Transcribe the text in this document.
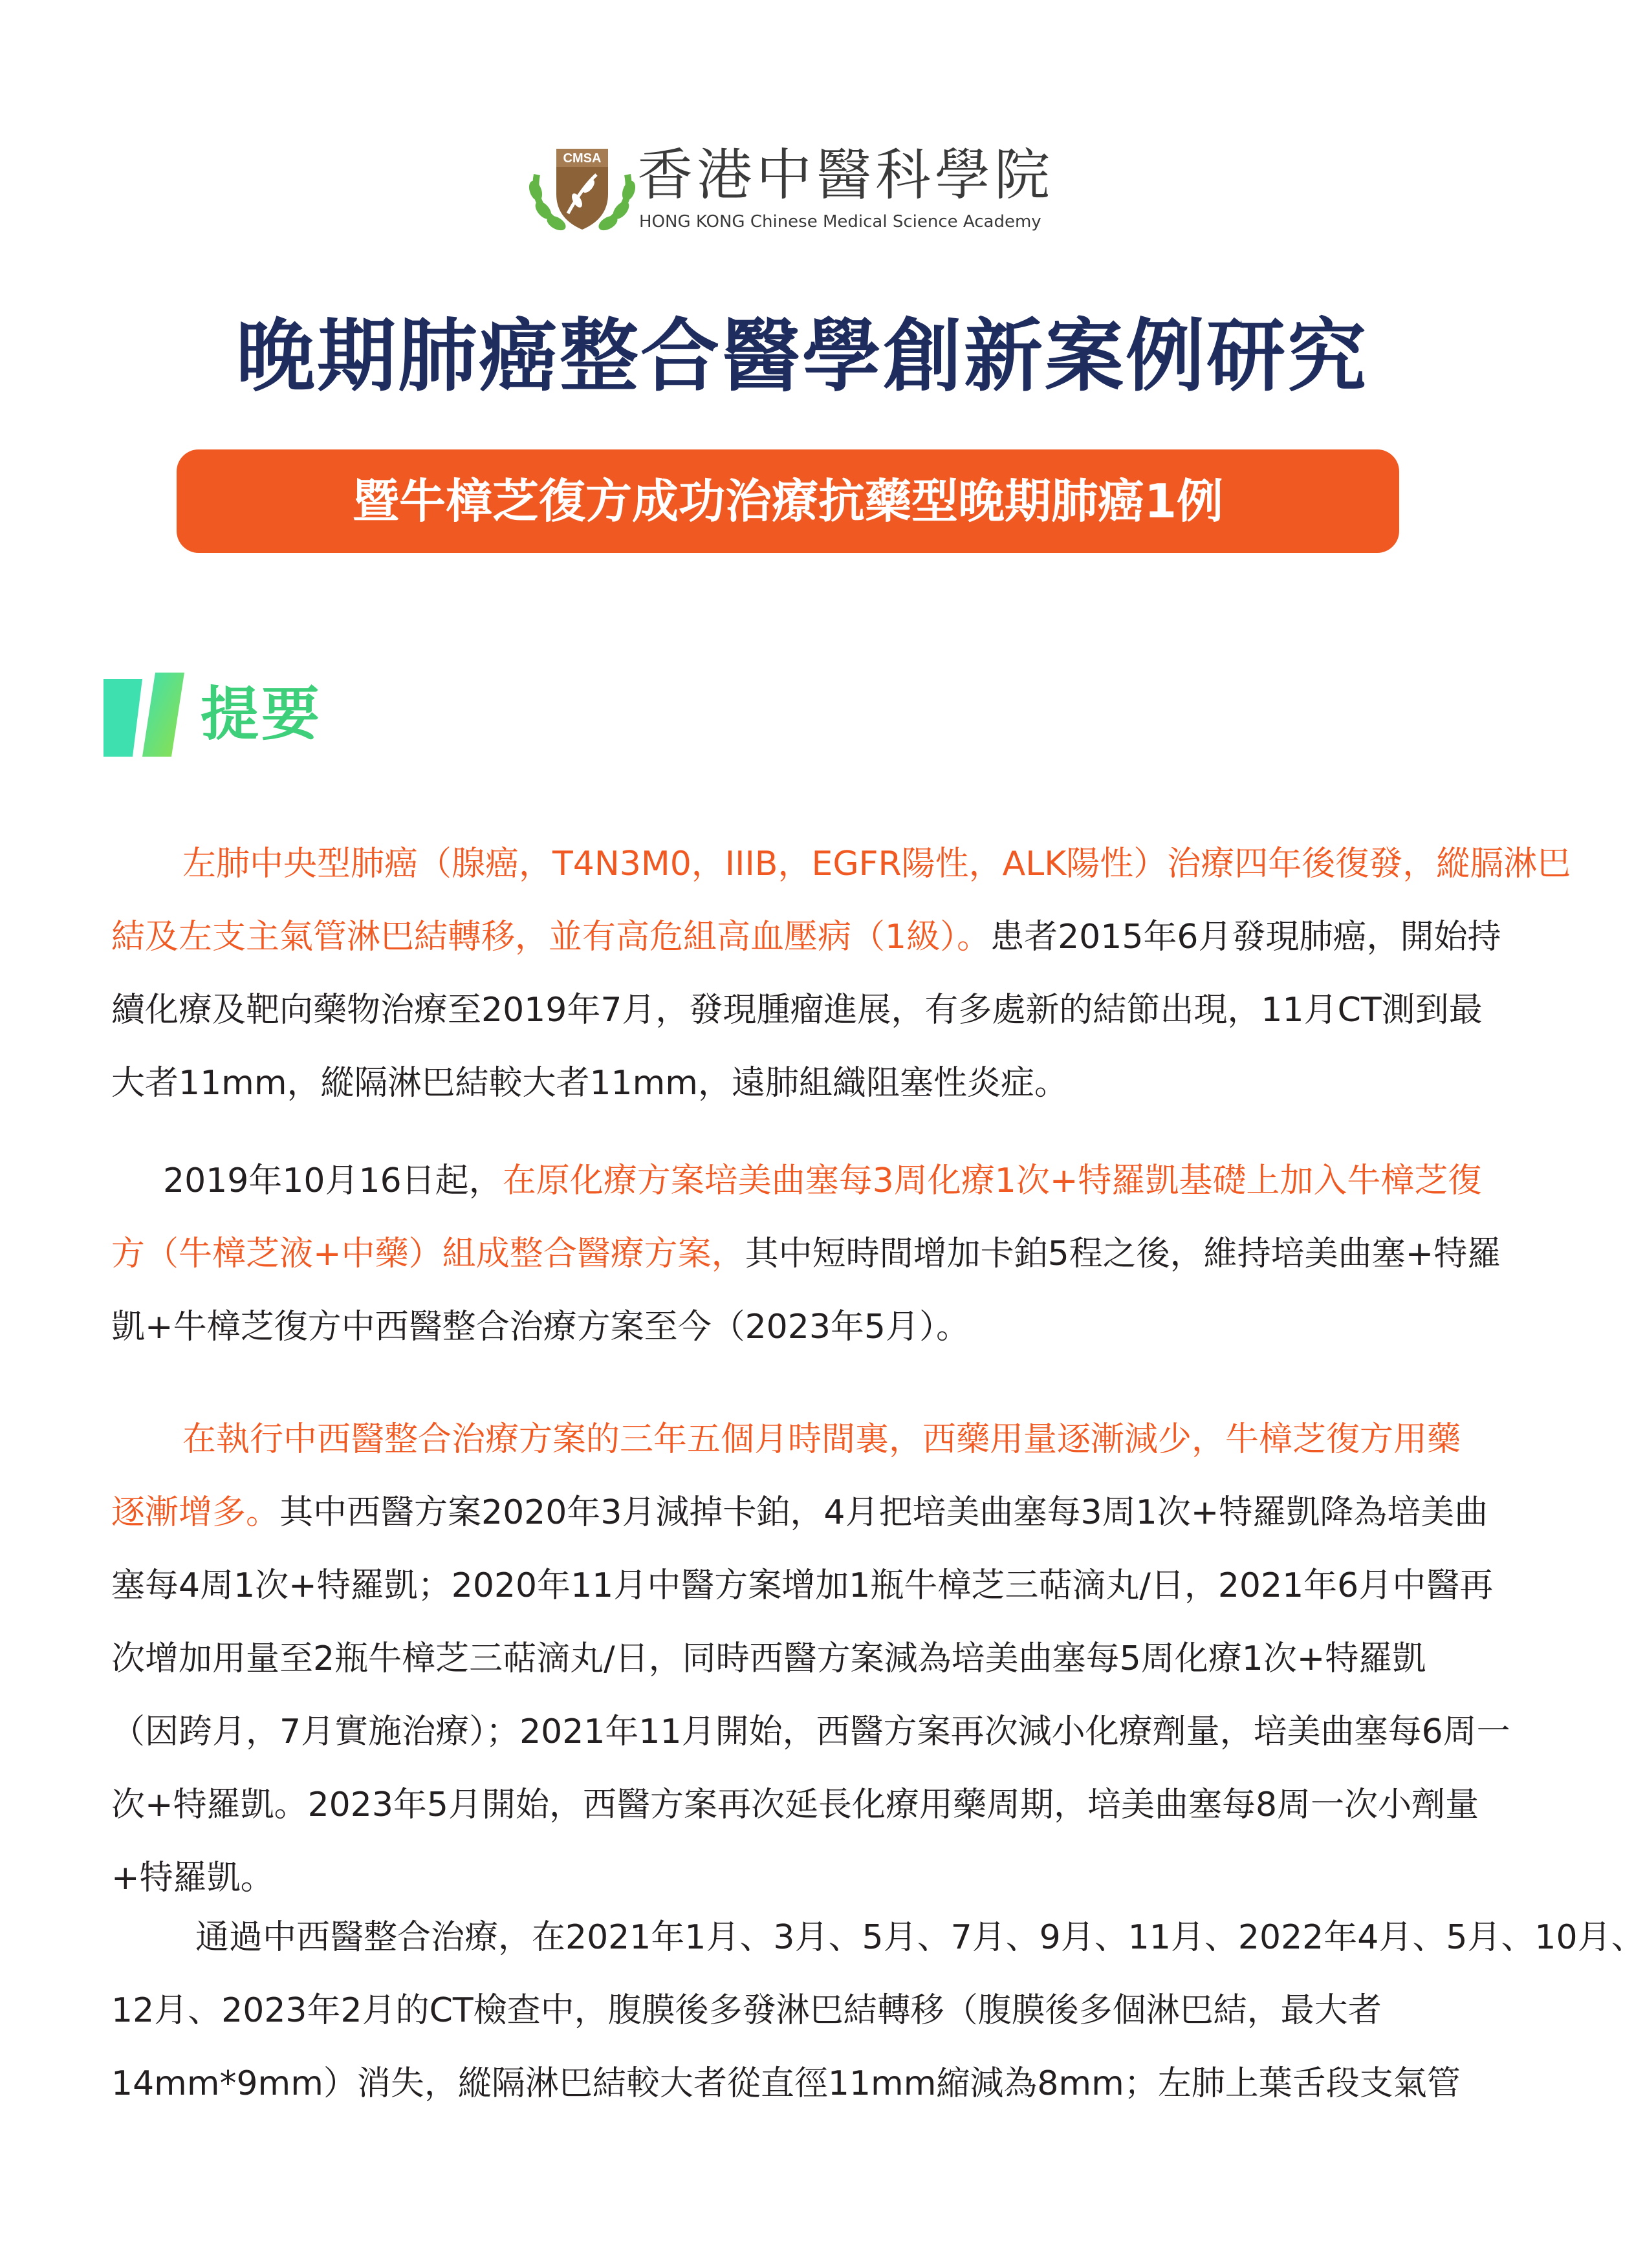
CMSA 香港中醫科學院
HONG KONG Chinese Medical Science Academy
晚期肺癌整合醫學創新案例研究
暨牛樟芝復方成功治療抗藥型晚期肺癌1例
提要
左肺中央型肺癌（腺癌，T4N3M0，IIIB，EGFR陽性，ALK陽性）治療四年後復發，縱膈淋巴
結及左支主氣管淋巴結轉移，並有高危組高血壓病（1級）。患者2015年6月發現肺癌，開始持
續化療及靶向藥物治療至2019年7月，發現腫瘤進展，有多處新的結節出現，11月CT測到最
大者11mm，縱隔淋巴結較大者11mm，遠肺組織阻塞性炎症。
2019年10月16日起，在原化療方案培美曲塞每3周化療1次+特羅凱基礎上加入牛樟芝復
方（牛樟芝液+中藥）組成整合醫療方案，其中短時間增加卡鉑5程之後，維持培美曲塞+特羅
凱+牛樟芝復方中西醫整合治療方案至今（2023年5月）。
在執行中西醫整合治療方案的三年五個月時間裏，西藥用量逐漸減少，牛樟芝復方用藥
逐漸增多。其中西醫方案2020年3月減掉卡鉑，4月把培美曲塞每3周1次+特羅凱降為培美曲
塞每4周1次+特羅凱；2020年11月中醫方案增加1瓶牛樟芝三萜滴丸/日，2021年6月中醫再
次增加用量至2瓶牛樟芝三萜滴丸/日，同時西醫方案減為培美曲塞每5周化療1次+特羅凱
（因跨月，7月實施治療）；2021年11月開始，西醫方案再次減小化療劑量，培美曲塞每6周一
次+特羅凱。2023年5月開始，西醫方案再次延長化療用藥周期，培美曲塞每8周一次小劑量
+特羅凱。
通過中西醫整合治療，在2021年1月、3月、5月、7月、9月、11月、2022年4月、5月、10月、
12月、2023年2月的CT檢查中，腹膜後多發淋巴結轉移（腹膜後多個淋巴結，最大者
14mm*9mm）消失，縱隔淋巴結較大者從直徑11mm縮減為8mm；左肺上葉舌段支氣管
